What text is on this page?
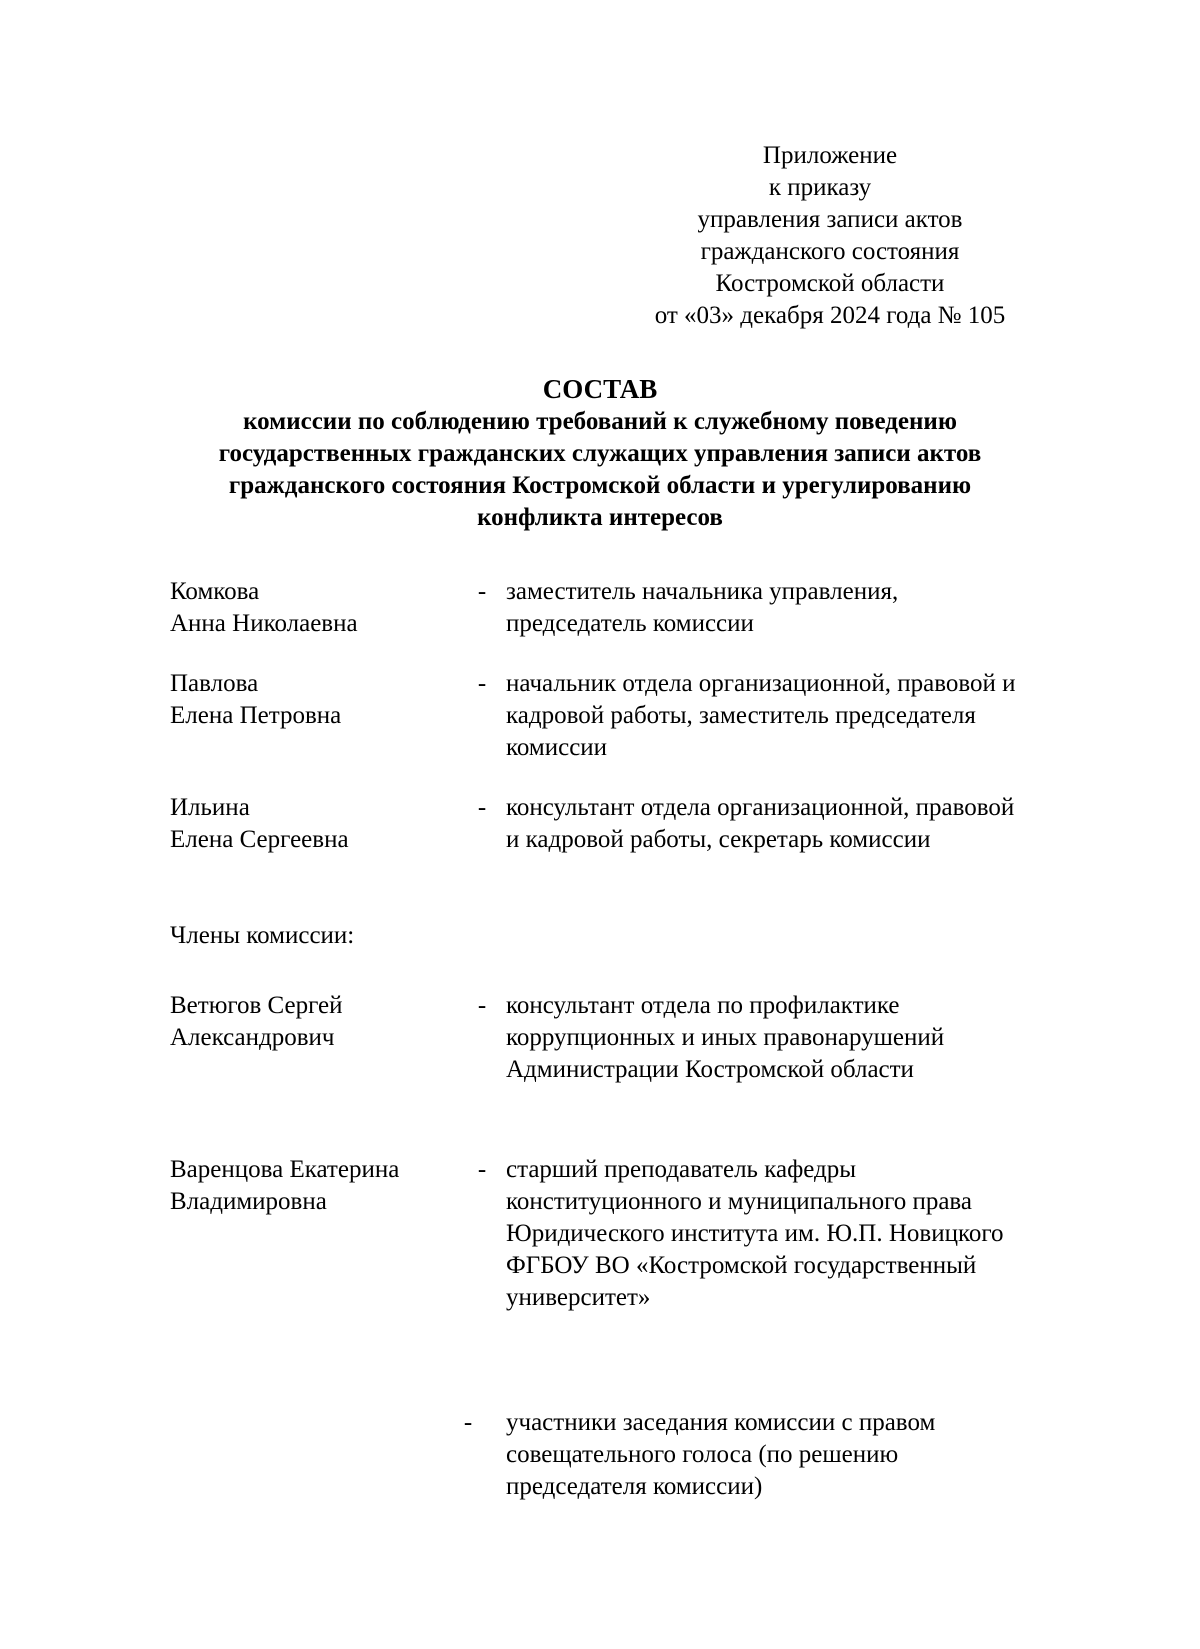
Приложение
к приказу
управления записи актов
гражданского состояния
Костромской области
от «03» декабря 2024 года № 105
СОСТАВ
комиссии по соблюдению требований к служебному поведению
государственных гражданских служащих управления записи актов
гражданского состояния Костромской области и урегулированию
конфликта интересов
Комкова
Анна Николаевна
- заместитель начальника управления,
председатель комиссии
Павлова
Елена Петровна
- начальник отдела организационной, правовой и
кадровой работы, заместитель председателя
комиссии
Ильина
Елена Сергеевна
- консультант отдела организационной, правовой
и кадровой работы, секретарь комиссии
Члены комиссии:
Ветюгов Сергей
Александрович
- консультант отдела по профилактике
коррупционных и иных правонарушений
Администрации Костромской области
Варенцова Екатерина
Владимировна
- старший преподаватель кафедры
конституционного и муниципального права
Юридического института им. Ю.П. Новицкого
ФГБОУ ВО «Костромской государственный
университет»
- участники заседания комиссии с правом
совещательного голоса (по решению
председателя комиссии)
